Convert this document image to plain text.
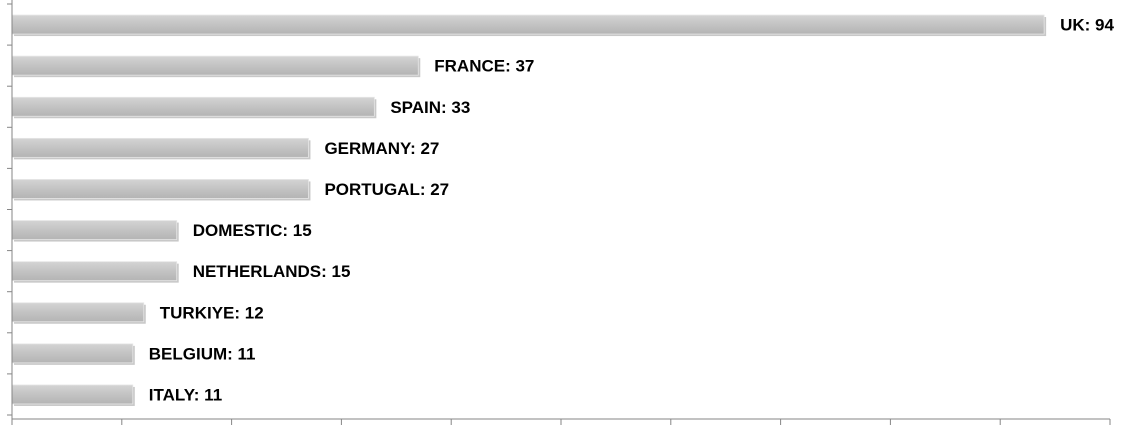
UK: 94
FRANCE: 37
SPAIN: 33
GERMANY: 27
PORTUGAL: 27
DOMESTIC: 15
NETHERLANDS: 15
TURKIYE: 12
BELGIUM: 11
ITALY: 11
